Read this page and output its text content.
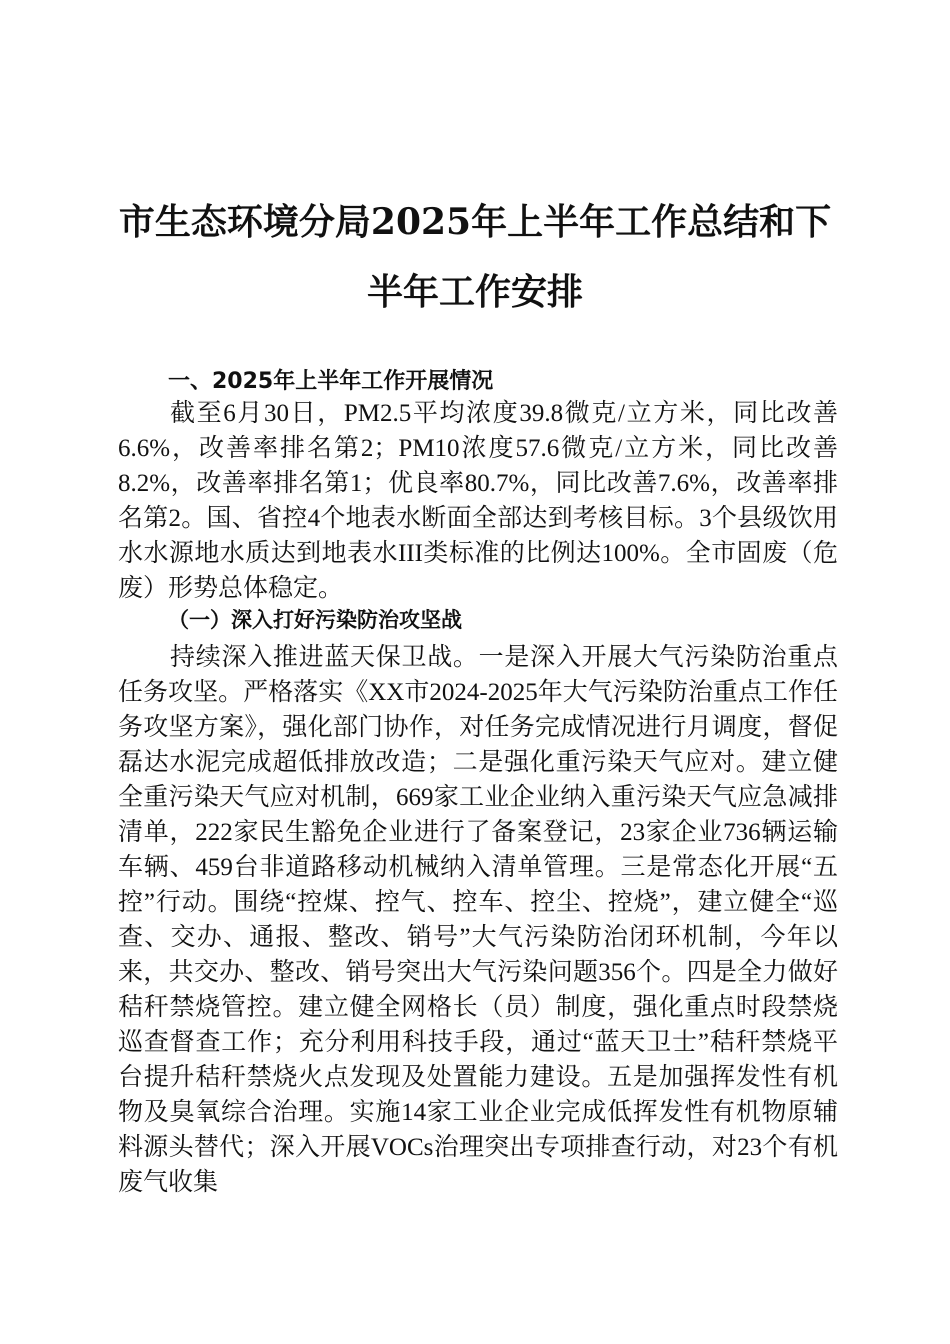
市生态环境分局2025年上半年工作总结和下
半年工作安排
一、2025年上半年工作开展情况
截至6月30日，PM2.5平均浓度39.8微克/立方米，同比改善6.6%，改善率排名第2；PM10浓度57.6微克/立方米，同比改善8.2%，改善率排名第1；优良率80.7%，同比改善7.6%，改善率排名第2。国、省控4个地表水断面全部达到考核目标。3个县级饮用水水源地水质达到地表水III类标准的比例达100%。全市固废（危废）形势总体稳定。
（一）深入打好污染防治攻坚战
持续深入推进蓝天保卫战。一是深入开展大气污染防治重点任务攻坚。严格落实《XX市2024-2025年大气污染防治重点工作任务攻坚方案》，强化部门协作，对任务完成情况进行月调度，督促磊达水泥完成超低排放改造；二是强化重污染天气应对。建立健全重污染天气应对机制，669家工业企业纳入重污染天气应急减排清单，222家民生豁免企业进行了备案登记，23家企业736辆运输车辆、459台非道路移动机械纳入清单管理。三是常态化开展“五控”行动。围绕“控煤、控气、控车、控尘、控烧”，建立健全“巡查、交办、通报、整改、销号”大气污染防治闭环机制，今年以来，共交办、整改、销号突出大气污染问题356个。四是全力做好秸秆禁烧管控。建立健全网格长（员）制度，强化重点时段禁烧巡查督查工作；充分利用科技手段，通过“蓝天卫士”秸秆禁烧平台提升秸秆禁烧火点发现及处置能力建设。五是加强挥发性有机物及臭氧综合治理。实施14家工业企业完成低挥发性有机物原辅料源头替代；深入开展VOCs治理突出专项排查行动，对23个有机废气收集
